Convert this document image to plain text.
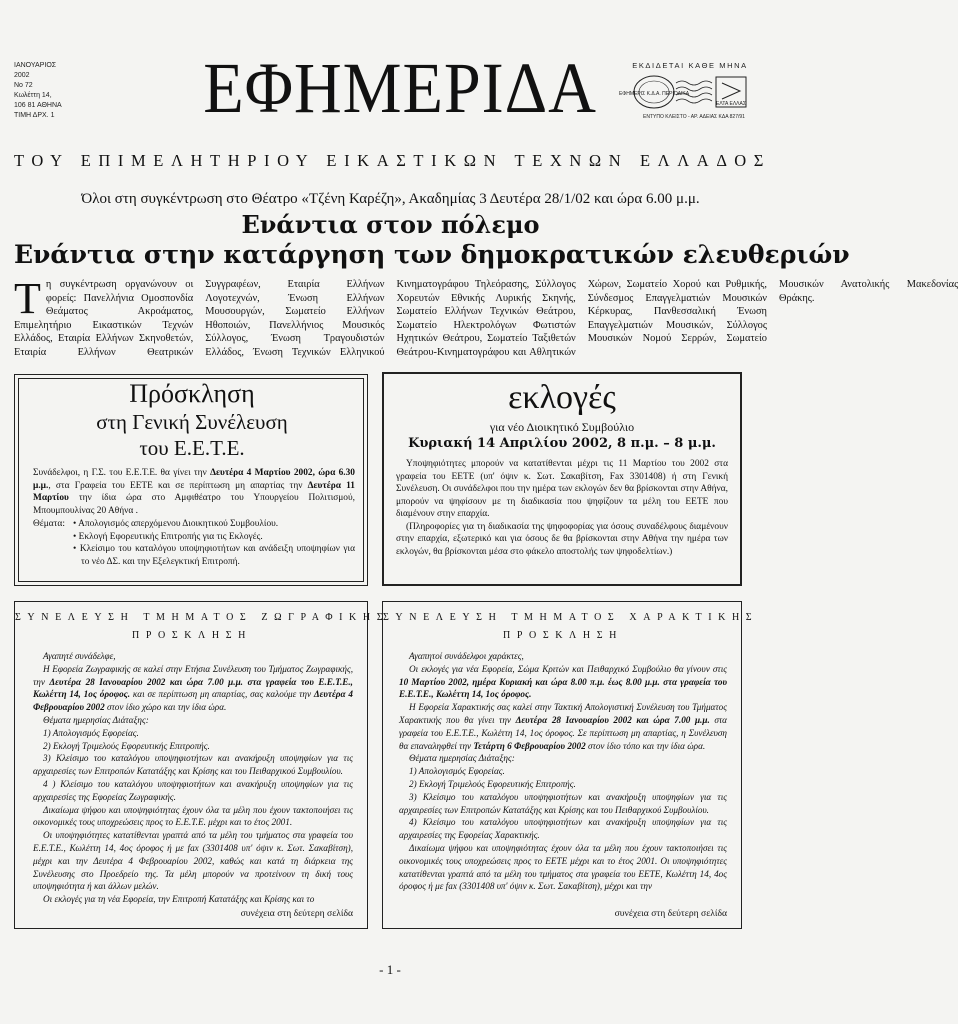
ΙΑΝΟΥΑΡΙΟΣ
2002
Νο 72
Κωλέττη 14,
106 81 ΑΘΗΝΑ
ΤΙΜΗ ΔΡΧ. 1	ΕΦΗΜΕΡΙΔΑ	ΕΚΔΙΔΕΤΑΙ ΚΑΘΕ ΜΗΝΑ
ΕΦΗΜΕΡΙΣ Κ.Δ.Α. ΠΕΡΙΟΔΙΚΑ
ΕΛΤΑ ΕΛΛΑΣ
ΕΝΤΥΠΟ ΚΛΕΙΣΤΟ - ΑΡ. ΑΔΕΙΑΣ ΚΔΑ 827/91
ΤΟΥ ΕΠΙΜΕΛΗΤΗΡΙΟΥ ΕΙΚΑΣΤΙΚΩΝ ΤΕΧΝΩΝ ΕΛΛΑΔΟΣ
Όλοι στη συγκέντρωση στο Θέατρο «Τζένη Καρέζη», Ακαδημίας 3 Δευτέρα 28/1/02 και ώρα 6.00 μ.μ.
Ενάντια στον πόλεμο
Ενάντια στην κατάργηση των δημοκρατικών ελευθεριών
Τη συγκέντρωση οργανώνουν οι φορείς: Πανελλήνια Ομοσπονδία Θεάματος Ακροάματος, Επιμελητήριο Εικαστικών Τεχνών Ελλάδος, Εταιρία Ελλήνων Σκηνοθετών, Εταιρία Ελλήνων Θεατρικών Συγγραφέων, Εταιρία Ελλήνων Λογοτεχνών, Ένωση Ελλήνων Μουσουργών, Σωματείο Ελλήνων Ηθοποιών, Πανελλήνιος Μουσικός Σύλλογος, Ένωση Τραγουδιστών Ελλάδος, Ένωση Τεχνικών Ελληνικού Κινηματογράφου Τηλεόρασης, Σύλλογος Χορευτών Εθνικής Λυρικής Σκηνής, Σωματείο Ελλήνων Τεχνικών Θεάτρου, Σωματείο Ηλεκτρολόγων Φωτιστών Ηχητικών Θεάτρου, Σωματείο Ταξιθετών Θεάτρου-Κινηματογράφου και Αθλητικών Χώρων, Σωματείο Χορού και Ρυθμικής, Σύνδεσμος Επαγγελματιών Μουσικών Κέρκυρας, Πανθεσσαλική Ένωση Επαγγελματιών Μουσικών, Σύλλογος Μουσικών Νομού Σερρών, Σωματείο Μουσικών Ανατολικής Μακεδονίας Θράκης.
Πρόσκληση
στη Γενική Συνέλευση
του Ε.Ε.Τ.Ε.

Συνάδελφοι, η Γ.Σ. του Ε.Ε.Τ.Ε. θα γίνει την Δευτέρα 4 Μαρτίου 2002, ώρα 6.30 μ.μ., στα Γραφεία του ΕΕΤΕ και σε περίπτωση μη απαρτίας την Δευτέρα 11 Μαρτίου την ίδια ώρα στο Αμφιθέατρο του Υπουργείου Πολιτισμού, Μπουμπουλίνας 20 Αθήνα .

Θέματα: • Απολογισμός απερχόμενου Διοικητικού Συμβουλίου.
• Εκλογή Εφορευτικής Επιτροπής για τις Εκλογές.
• Κλείσιμο του καταλόγου υποψηφιοτήτων και ανάδειξη υποψηφίων για το νέο ΔΣ. και την Εξελεγκτική Επιτροπή.
εκλογές
για νέο Διοικητικό Συμβούλιο
Κυριακή 14 Απριλίου 2002, 8 π.μ. – 8 μ.μ.

Υποψηφιότητες μπορούν να κατατίθενται μέχρι τις 11 Μαρτίου του 2002 στα γραφεία του ΕΕΤΕ (υπ' όψιν κ. Σωτ. Σακαβίτση, Fax 3301408) ή στη Γενική Συνέλευση. Οι συνάδελφοι που την ημέρα των εκλογών δεν θα βρίσκονται στην Αθήνα, μπορούν να ψηφίσουν με τη διαδικασία που ψηφίζουν τα μέλη του ΕΕΤΕ που διαμένουν στην επαρχία.

(Πληροφορίες για τη διαδικασία της ψηφοφορίας για όσους συναδέλφους διαμένουν στην επαρχία, εξωτερικό και για όσους δε θα βρίσκονται στην Αθήνα την ημέρα των εκλογών, θα βρίσκονται μέσα στο φάκελο αποστολής των ψηφοδελτίων.)

ΣΥΝΕΛΕΥΣΗ ΤΜΗΜΑΤΟΣ ΖΩΓΡΑΦΙΚΗΣ
ΠΡΟΣΚΛΗΣΗ

Αγαπητέ συνάδελφε,

Η Εφορεία Ζωγραφικής σε καλεί στην Ετήσια Συνέλευση του Τμήματος Ζωγραφικής, την Δευτέρα 28 Ιανουαρίου 2002 και ώρα 7.00 μ.μ. στα γραφεία του Ε.Ε.Τ.Ε., Κωλέττη 14, 1ος όροφος. και σε περίπτωση μη απαρτίας, σας καλούμε την Δευτέρα 4 Φεβρουαρίου 2002 στον ίδιο χώρο και την ίδια ώρα.

Θέματα ημερησίας Διάταξης:

1) Απολογισμός Εφορείας.

2) Εκλογή Τριμελούς Εφορευτικής Επιτροπής.

3) Κλείσιμο του καταλόγου υποψηφιοτήτων και ανακήρυξη υποψηφίων για τις αρχαιρεσίες των Επιτροπών Κατατάξης και Κρίσης και του Πειθαρχικού Συμβουλίου.

4 ) Κλείσιμο του καταλόγου υποψηφιοτήτων και ανακήρυξη υποψηφίων για τις αρχαιρεσίες της Εφορείας Ζωγραφικής.

Δικαίωμα ψήφου και υποψηφιότητας έχουν όλα τα μέλη που έχουν τακτοποιήσει τις οικονομικές τους υποχρεώσεις προς το Ε.Ε.Τ.Ε. μέχρι και το έτος 2001.

Οι υποψηφιότητες κατατίθενται γραπτά από τα μέλη του τμήματος στα γραφεία του Ε.Ε.Τ.Ε., Κωλέττη 14, 4ος όροφος ή με fax (3301408 υπ' όψιν κ. Σωτ. Σακαβίτση), μέχρι και την Δευτέρα 4 Φεβρουαρίου 2002, καθώς και κατά τη διάρκεια της Συνέλευσης στο Προεδρείο της. Τα μέλη μπορούν να προτείνουν τη δική τους υποψηφιότητα ή και άλλων μελών.

Οι εκλογές για τη νέα Εφορεία, την Επιτροπή Κατατάξης και Κρίσης και το

συνέχεια στη δεύτερη σελίδα
ΣΥΝΕΛΕΥΣΗ ΤΜΗΜΑΤΟΣ ΧΑΡΑΚΤΙΚΗΣ
ΠΡΟΣΚΛΗΣΗ

Αγαπητοί συνάδελφοι χαράκτες,

Οι εκλογές για νέα Εφορεία, Σώμα Κριτών και Πειθαρχικό Συμβούλιο θα γίνουν στις 10 Μαρτίου 2002, ημέρα Κυριακή και ώρα 8.00 π.μ. έως 8.00 μ.μ. στα γραφεία του Ε.Ε.Τ.Ε., Κωλέττη 14, 1ος όροφος.

Η Εφορεία Χαρακτικής σας καλεί στην Τακτική Απολογιστική Συνέλευση του Τμήματος Χαρακτικής που θα γίνει την Δευτέρα 28 Ιανουαρίου 2002 και ώρα 7.00 μ.μ. στα γραφεία του Ε.Ε.Τ.Ε., Κωλέττη 14, 1ος όροφος. Σε περίπτωση μη απαρτίας, η Συνέλευση θα επαναληφθεί την Τετάρτη 6 Φεβρουαρίου 2002 στον ίδιο τόπο και την ίδια ώρα.

Θέματα ημερησίας Διάταξης:

1) Απολογισμός Εφορείας.

2) Εκλογή Τριμελούς Εφορευτικής Επιτροπής.

3) Κλείσιμο του καταλόγου υποψηφιοτήτων και ανακήρυξη υποψηφίων για τις αρχαιρεσίες των Επιτροπών Κατατάξης και Κρίσης και του Πειθαρχικού Συμβουλίου.

4) Κλείσιμο του καταλόγου υποψηφιοτήτων και ανακήρυξη υποψηφίων για τις αρχαιρεσίες της Εφορείας Χαρακτικής.

Δικαίωμα ψήφου και υποψηφιότητας έχουν όλα τα μέλη που έχουν τακτοποιήσει τις οικονομικές τους υποχρεώσεις προς το ΕΕΤΕ μέχρι και το έτος 2001. Οι υποψηφιότητες κατατίθενται γραπτά από τα μέλη του τμήματος στα γραφεία του ΕΕΤΕ, Κωλέττη 14, 4ος όροφος ή με fax (3301408 υπ' όψιν κ. Σωτ. Σακαβίτση), μέχρι και την

συνέχεια στη δεύτερη σελίδα
- 1 -
